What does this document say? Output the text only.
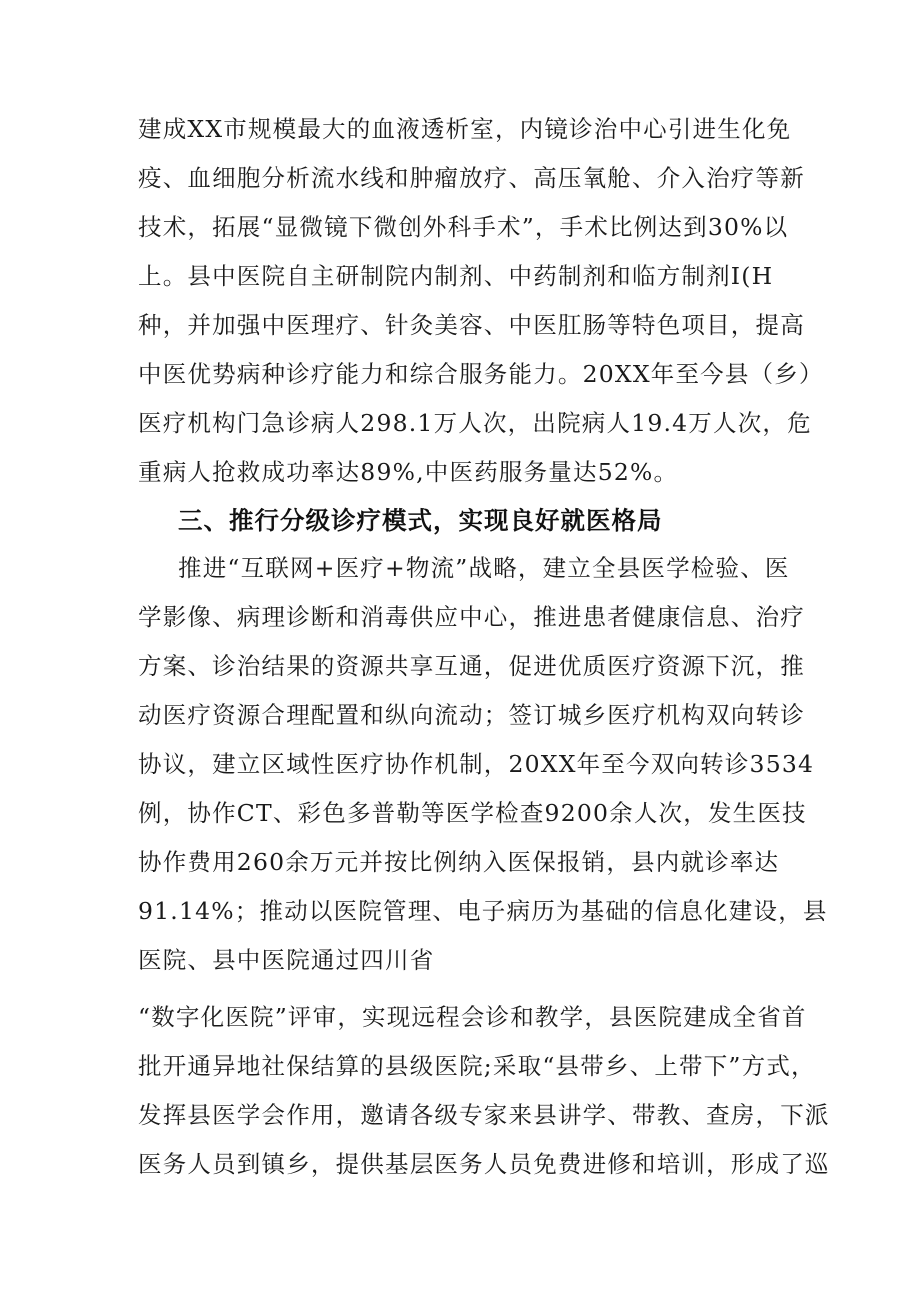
建成XX市规模最大的血液透析室，内镜诊治中心引进生化免
疫、血细胞分析流水线和肿瘤放疗、高压氧舱、介入治疗等新
技术，拓展“显微镜下微创外科手术”，手术比例达到30%以
上。县中医院自主研制院内制剂、中药制剂和临方制剂I(H
种，并加强中医理疗、针灸美容、中医肛肠等特色项目，提高
中医优势病种诊疗能力和综合服务能力。20XX年至今县（乡）
医疗机构门急诊病人298.1万人次，出院病人19.4万人次，危
重病人抢救成功率达89%,中医药服务量达52%。
三、推行分级诊疗模式，实现良好就医格局
推进“互联网+医疗+物流”战略，建立全县医学检验、医
学影像、病理诊断和消毒供应中心，推进患者健康信息、治疗
方案、诊治结果的资源共享互通，促进优质医疗资源下沉，推
动医疗资源合理配置和纵向流动；签订城乡医疗机构双向转诊
协议，建立区域性医疗协作机制，20XX年至今双向转诊3534
例，协作CT、彩色多普勒等医学检查9200余人次，发生医技
协作费用260余万元并按比例纳入医保报销，县内就诊率达
91.14%；推动以医院管理、电子病历为基础的信息化建设，县
医院、县中医院通过四川省
“数字化医院”评审，实现远程会诊和教学，县医院建成全省首
批开通异地社保结算的县级医院;采取“县带乡、上带下”方式，
发挥县医学会作用，邀请各级专家来县讲学、带教、查房，下派
医务人员到镇乡，提供基层医务人员免费进修和培训，形成了巡
